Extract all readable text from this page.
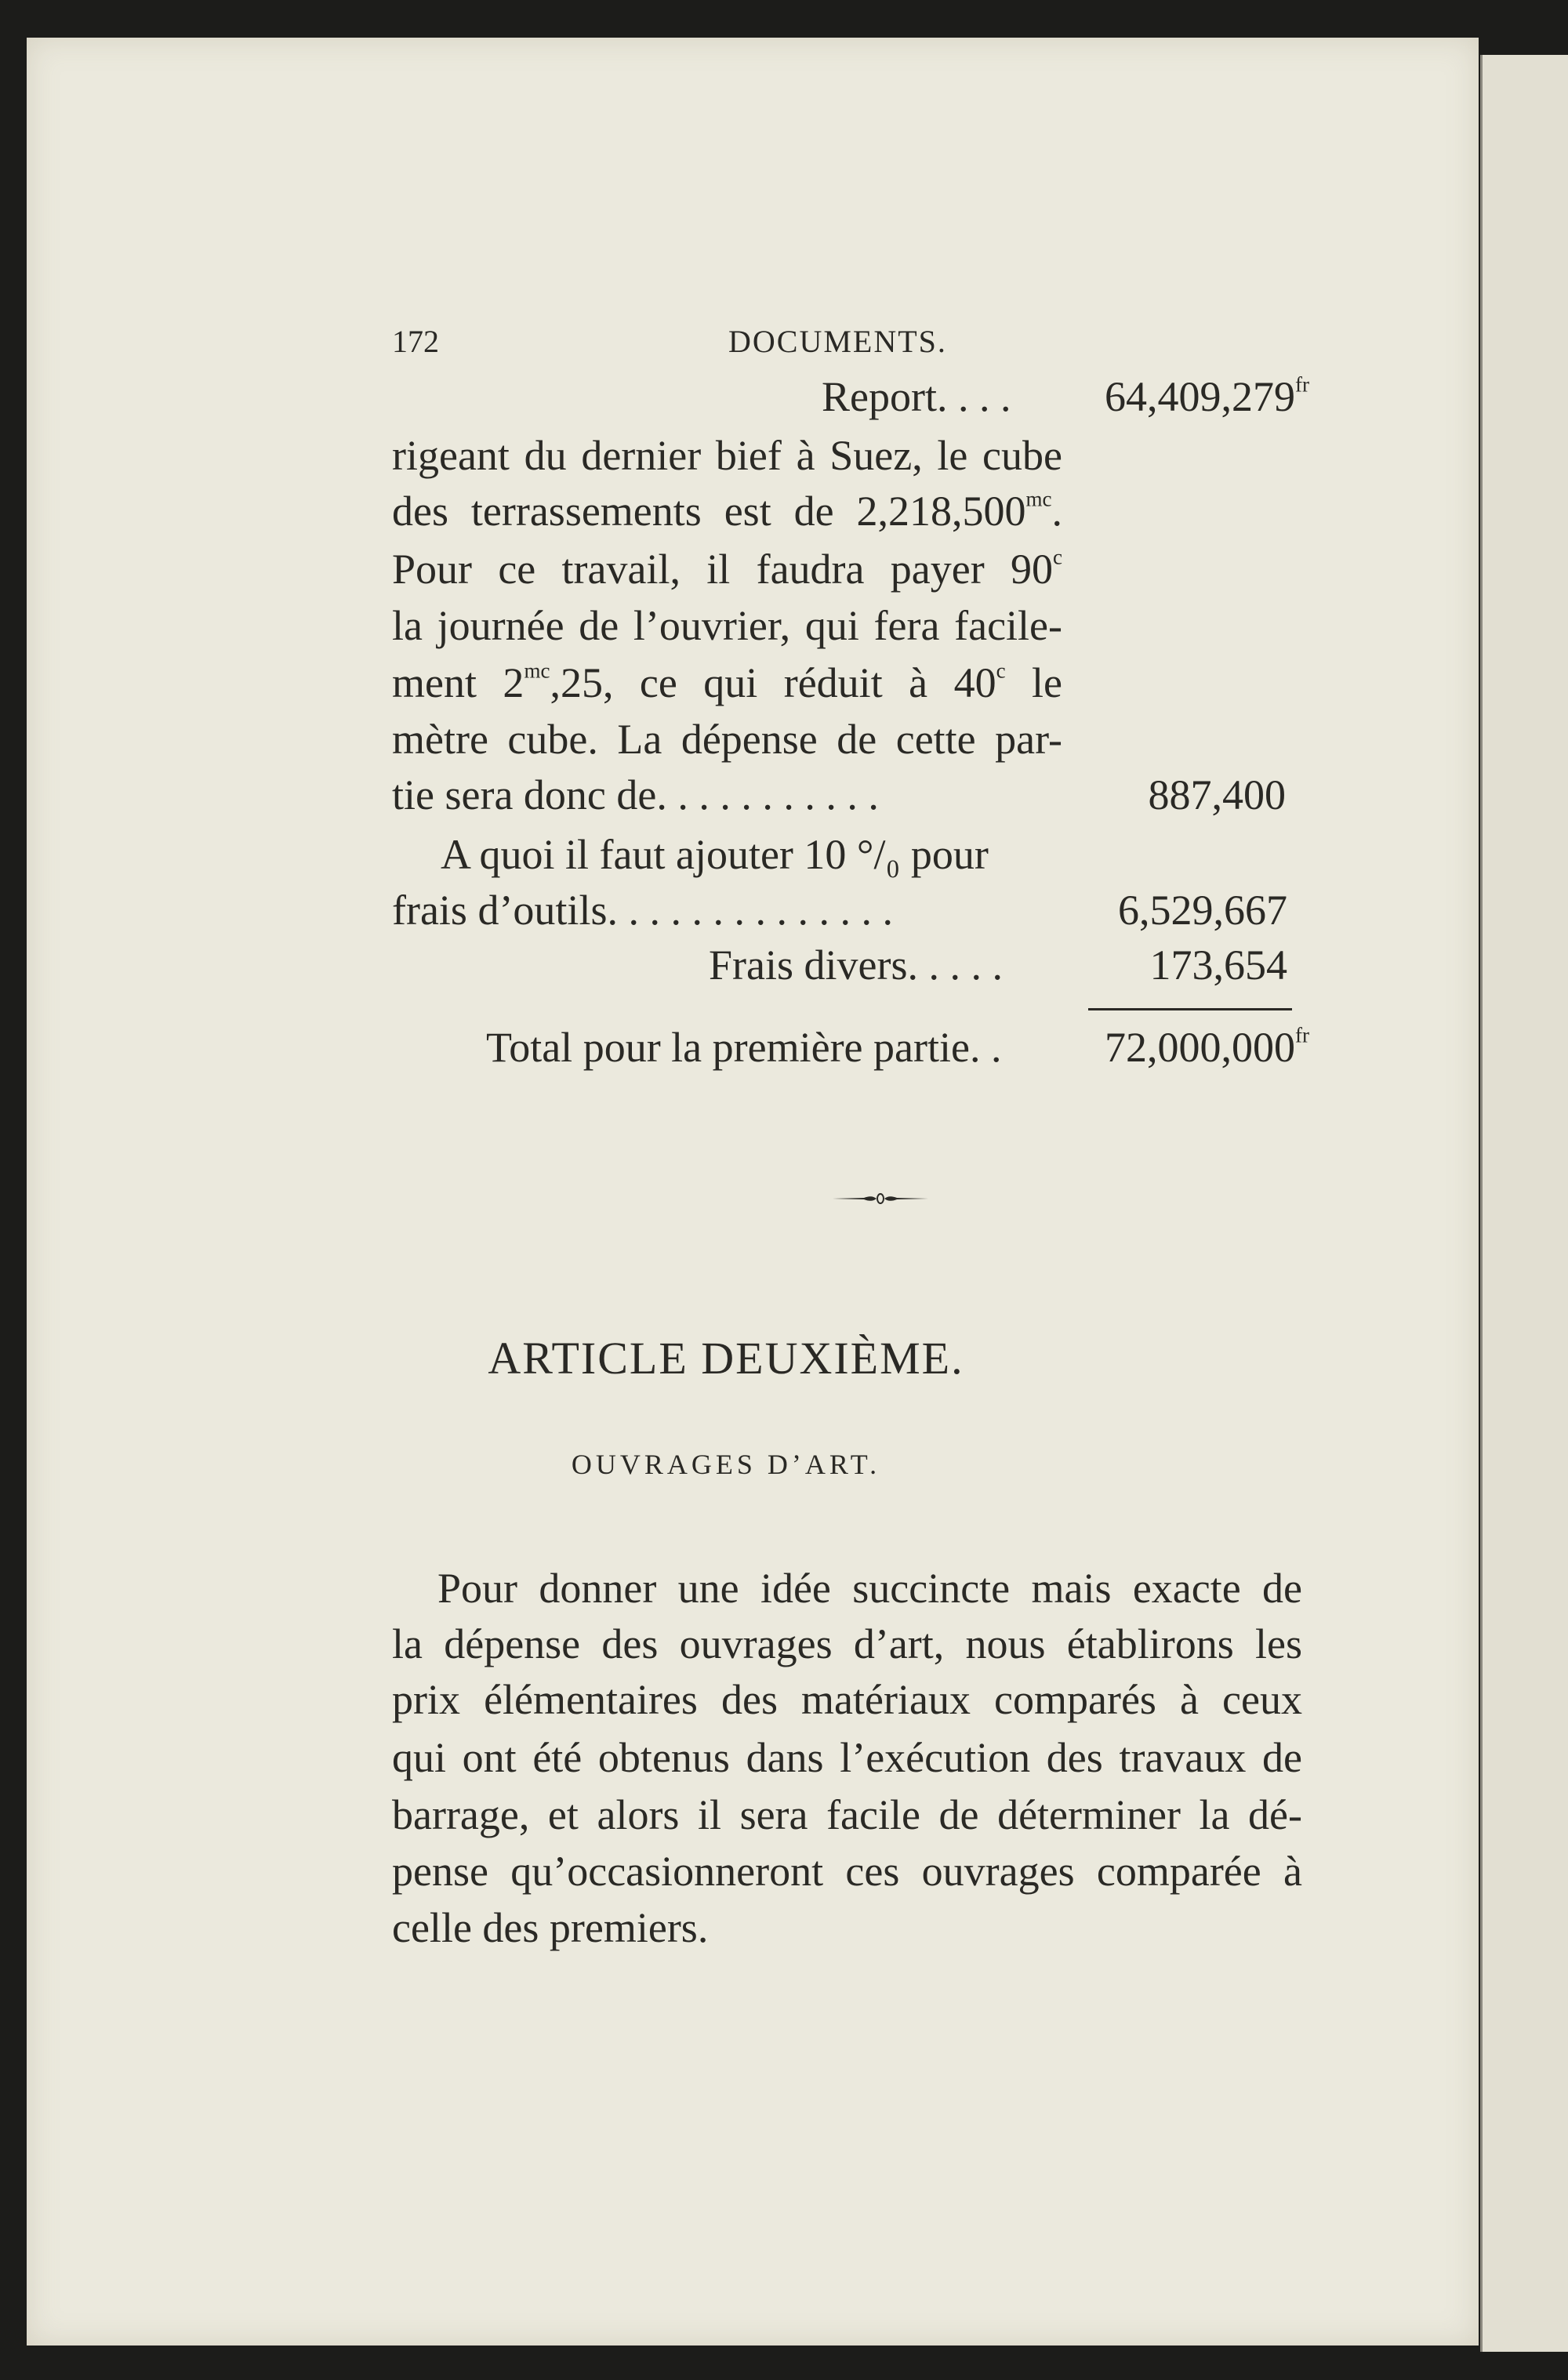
172	DOCUMENTS.
Report. . . . $64,409,279^{fr}$
rigeant du dernier bief à Suez, le cube
des terrassements est de $2,218,500^{mc}$.
Pour ce travail, il faudra payer 90$^c$
la journée de l’ouvrier, qui fera facile-
ment $2^{mc},25$, ce qui réduit à 40$^c$ le
mètre cube. La dépense de cette par-
tie sera donc de. . . . . . . . . . .	887,400
A quoi il faut ajouter 10 °/₀ pour
frais d’outils. . . . . . . . . . . . . .	6,529,667
Frais divers. . . . .	173,654
Total pour la première partie. . $72,000,000^{fr}$
ARTICLE DEUXIÈME.
OUVRAGES D’ART.
Pour donner une idée succincte mais exacte de
la dépense des ouvrages d’art, nous établirons les
prix élémentaires des matériaux comparés à ceux
qui ont été obtenus dans l’exécution des travaux de
barrage, et alors il sera facile de déterminer la dé-
pense qu’occasionneront ces ouvrages comparée à
celle des premiers.
